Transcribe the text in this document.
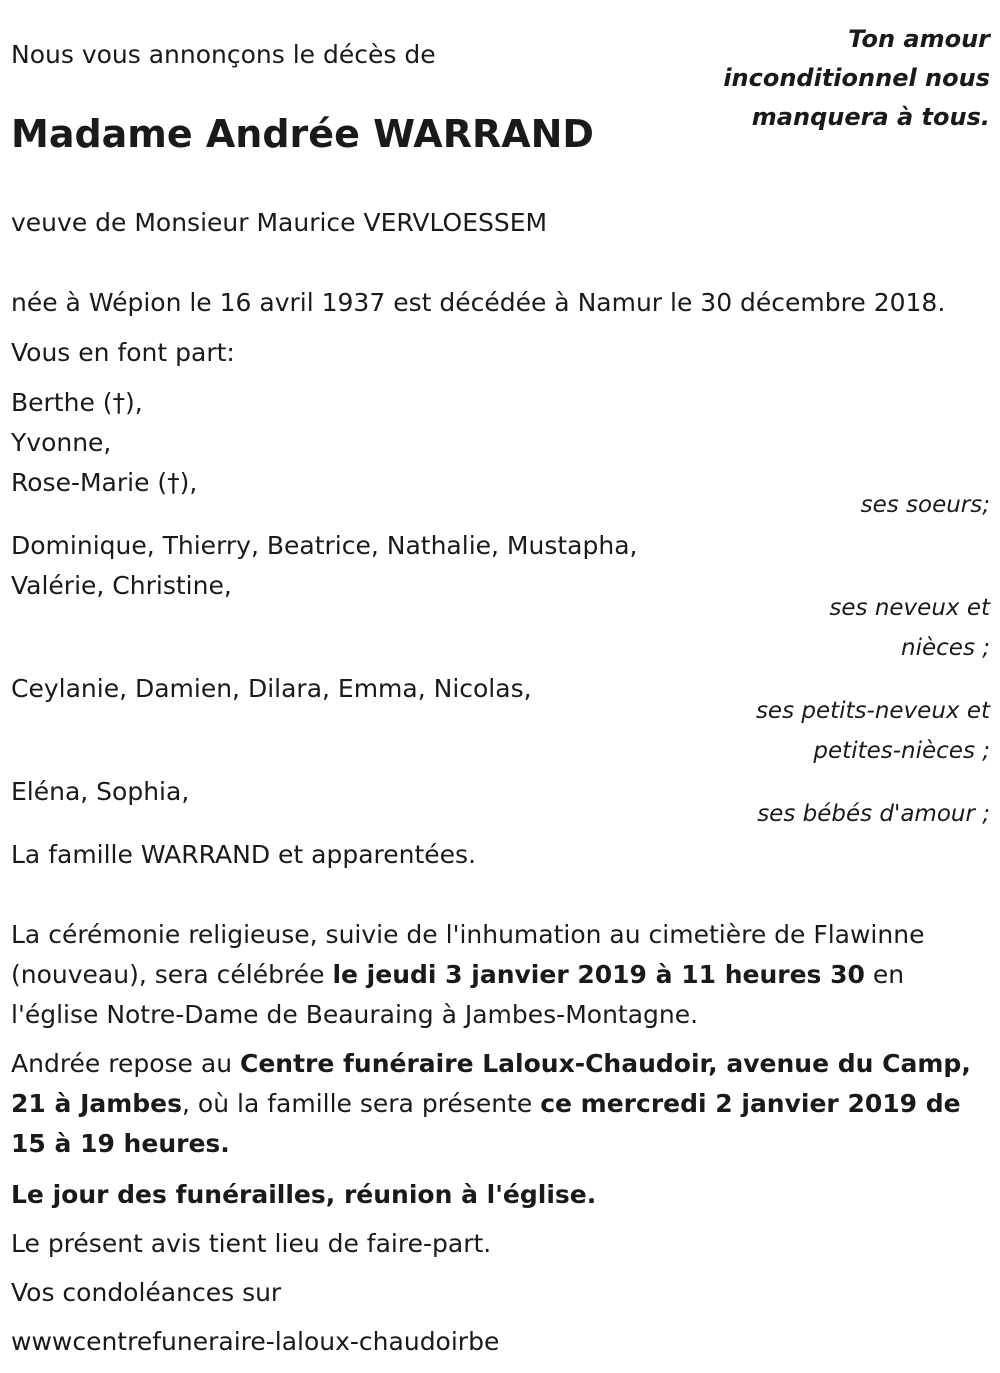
Nous vous annonçons le décès de

Madame Andrée WARRAND

Ton amour inconditionnel nous manquera à tous.

veuve de Monsieur Maurice VERVLOESSEM

née à Wépion le 16 avril 1937 est décédée à Namur le 30 décembre 2018.

Vous en font part:

Berthe (†),

Yvonne,

Rose-Marie (†),

ses soeurs;

Dominique, Thierry, Beatrice, Nathalie, Mustapha,

Valérie, Christine,

ses neveux et

nièces ;

Ceylanie, Damien, Dilara, Emma, Nicolas,

ses petits-neveux et

petites-nièces ;

Eléna, Sophia,

ses bébés d'amour ;

La famille WARRAND et apparentées.

La cérémonie religieuse, suivie de l'inhumation au cimetière de Flawinne (nouveau), sera célébrée le jeudi 3 janvier 2019 à 11 heures 30 en l'église Notre-Dame de Beauraing à Jambes-Montagne.

Andrée repose au Centre funéraire Laloux-Chaudoir, avenue du Camp, 21 à Jambes, où la famille sera présente ce mercredi 2 janvier 2019 de 15 à 19 heures.

Le jour des funérailles, réunion à l'église.

Le présent avis tient lieu de faire-part.

Vos condoléances sur

wwwcentrefuneraire-laloux-chaudoirbe
